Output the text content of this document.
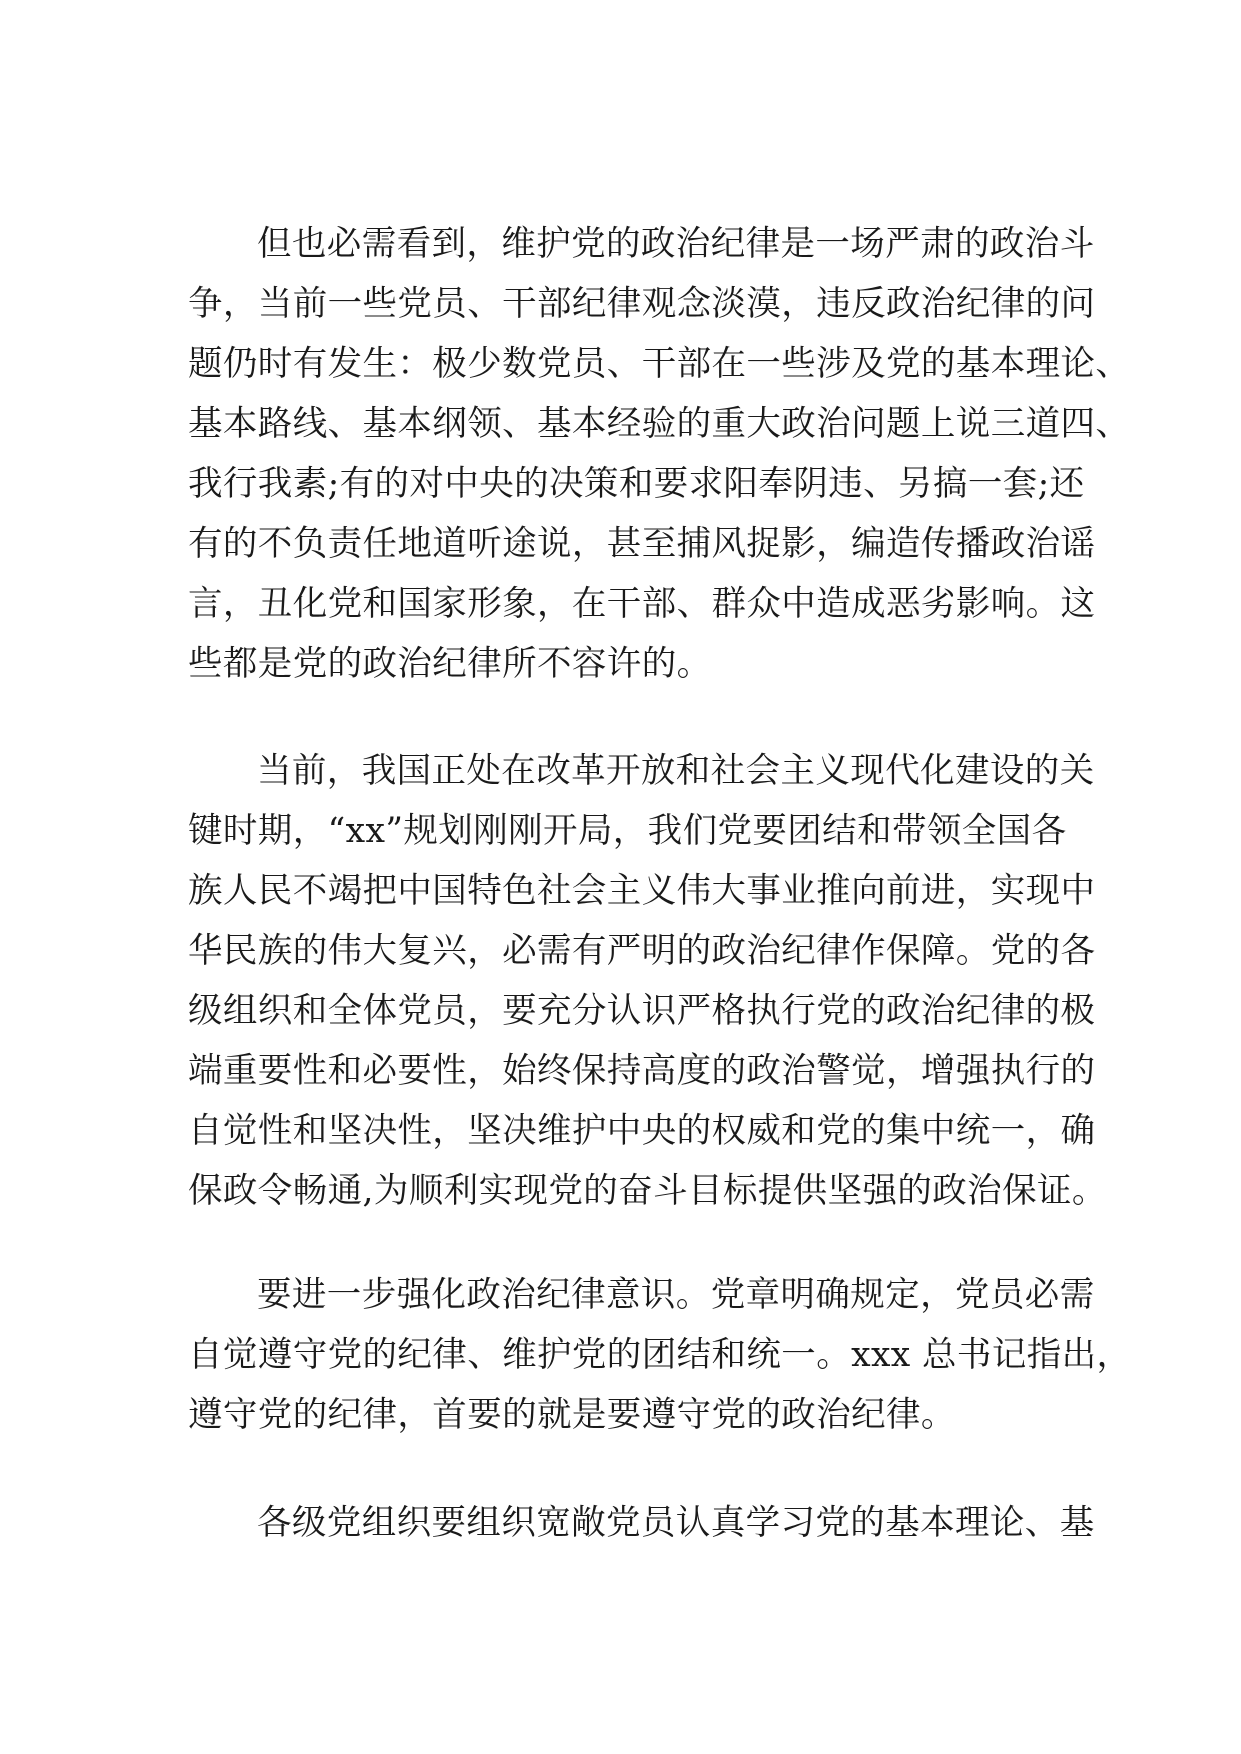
但也必需看到，维护党的政治纪律是一场严肃的政治斗
争，当前一些党员、干部纪律观念淡漠，违反政治纪律的问
题仍时有发生：极少数党员、干部在一些涉及党的基本理论、
基本路线、基本纲领、基本经验的重大政治问题上说三道四、
我行我素;有的对中央的决策和要求阳奉阴违、另搞一套;还
有的不负责任地道听途说，甚至捕风捉影，编造传播政治谣
言，丑化党和国家形象，在干部、群众中造成恶劣影响。这
些都是党的政治纪律所不容许的。

当前，我国正处在改革开放和社会主义现代化建设的关
键时期，“xx”规划刚刚开局，我们党要团结和带领全国各
族人民不竭把中国特色社会主义伟大事业推向前进，实现中
华民族的伟大复兴，必需有严明的政治纪律作保障。党的各
级组织和全体党员，要充分认识严格执行党的政治纪律的极
端重要性和必要性，始终保持高度的政治警觉，增强执行的
自觉性和坚决性，坚决维护中央的权威和党的集中统一，确
保政令畅通,为顺利实现党的奋斗目标提供坚强的政治保证。

要进一步强化政治纪律意识。党章明确规定，党员必需
自觉遵守党的纪律、维护党的团结和统一。xxx 总书记指出，
遵守党的纪律，首要的就是要遵守党的政治纪律。

各级党组织要组织宽敞党员认真学习党的基本理论、基
